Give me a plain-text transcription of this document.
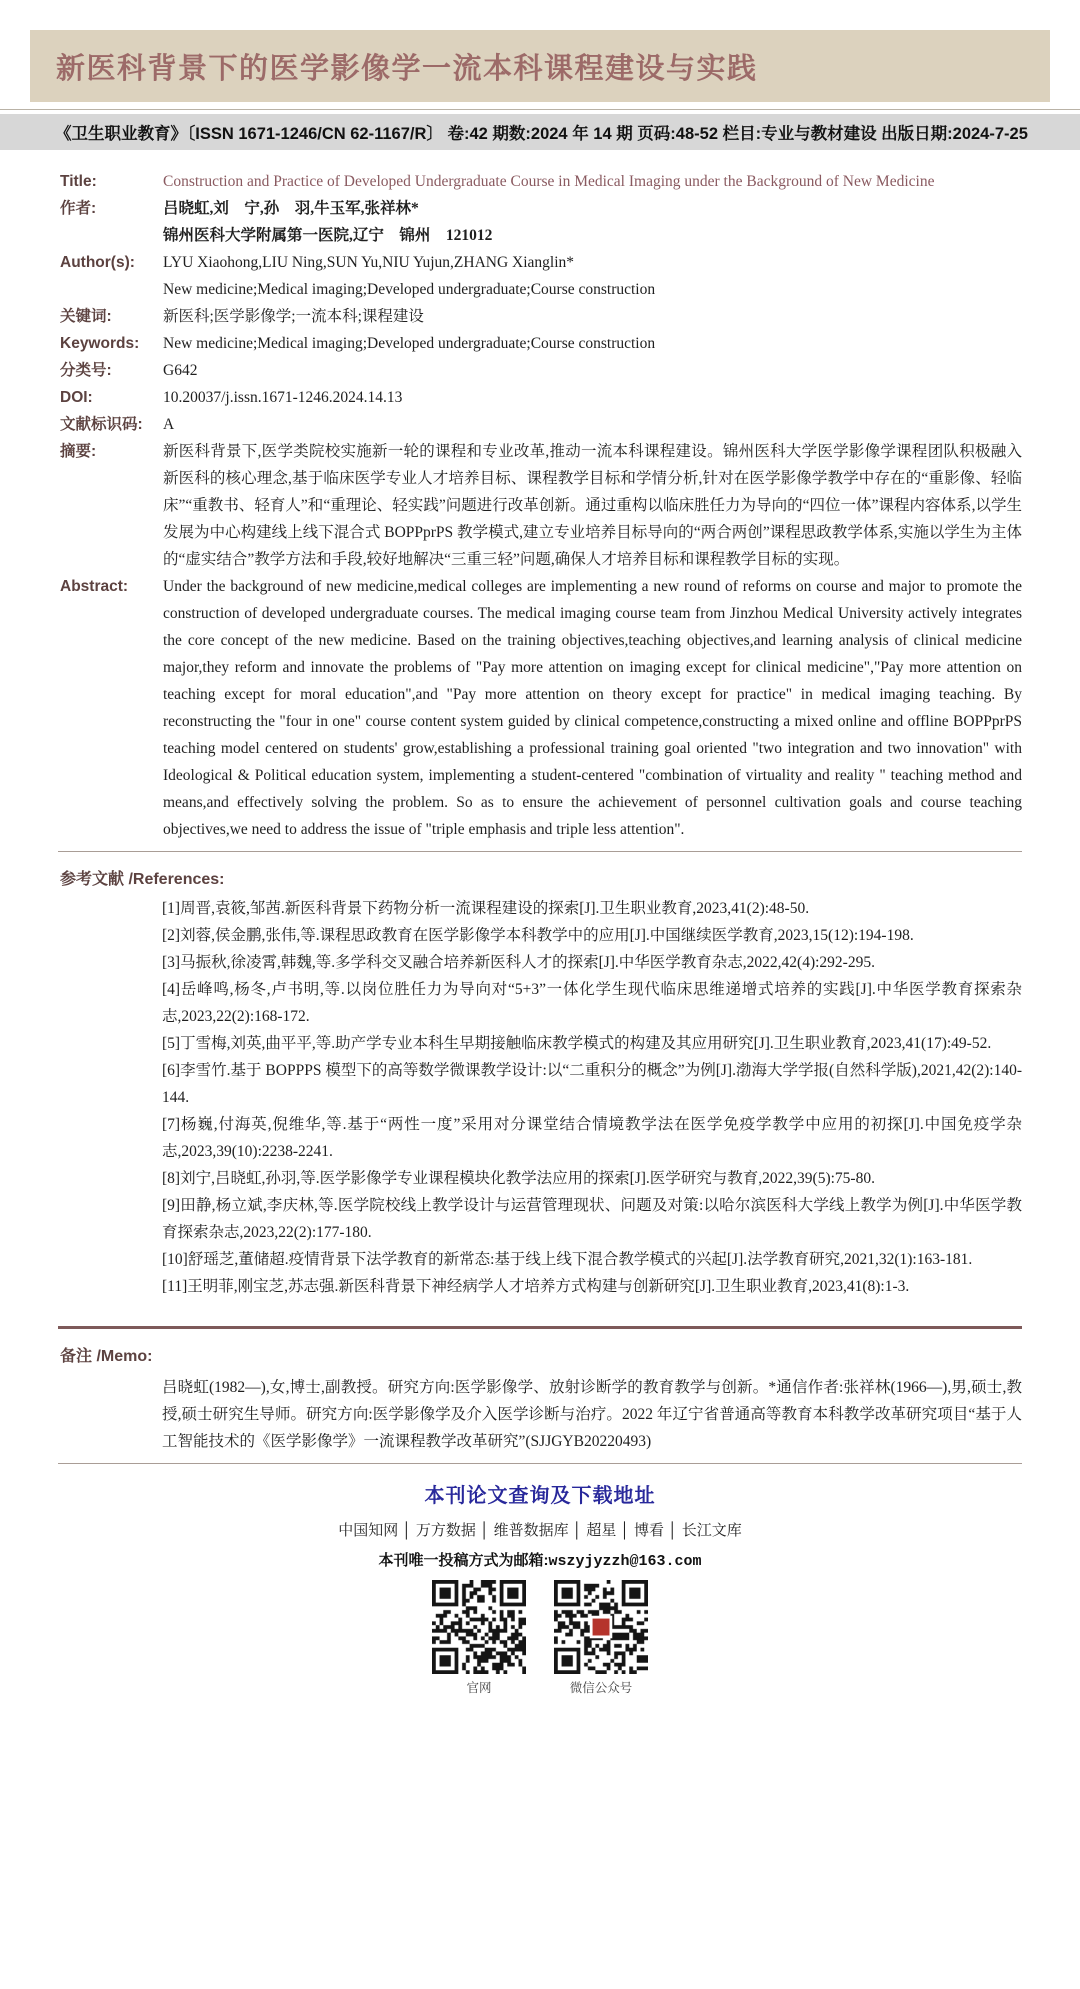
新医科背景下的医学影像学一流本科课程建设与实践
《卫生职业教育》〔ISSN 1671-1246/CN 62-1167/R〕 卷:42 期数:2024 年 14 期 页码:48-52 栏目:专业与教材建设 出版日期:2024-7-25
Title:	Construction and Practice of Developed Undergraduate Course in Medical Imaging under the Background of New Medicine
作者:	吕晓虹,刘　宁,孙　羽,牛玉军,张祥林*
锦州医科大学附属第一医院,辽宁　锦州　121012
Author(s):	LYU Xiaohong,LIU Ning,SUN Yu,NIU Yujun,ZHANG Xianglin*
New medicine;Medical imaging;Developed undergraduate;Course construction
关键词:	新医科;医学影像学;一流本科;课程建设
Keywords:	New medicine;Medical imaging;Developed undergraduate;Course construction
分类号:	G642
DOI:	10.20037/j.issn.1671-1246.2024.14.13
文献标识码:	A
摘要:	新医科背景下,医学类院校实施新一轮的课程和专业改革,推动一流本科课程建设。锦州医科大学医学影像学课程团队积极融入新医科的核心理念,基于临床医学专业人才培养目标、课程教学目标和学情分析,针对在医学影像学教学中存在的“重影像、轻临床”“重教书、轻育人”和“重理论、轻实践”问题进行改革创新。通过重构以临床胜任力为导向的“四位一体”课程内容体系,以学生发展为中心构建线上线下混合式 BOPPprPS 教学模式,建立专业培养目标导向的“两合两创”课程思政教学体系,实施以学生为主体的“虚实结合”教学方法和手段,较好地解决“三重三轻”问题,确保人才培养目标和课程教学目标的实现。
Abstract:	Under the background of new medicine,medical colleges are implementing a new round of reforms on course and major to promote the construction of developed undergraduate courses. The medical imaging course team from Jinzhou Medical University actively integrates the core concept of the new medicine. Based on the training objectives,teaching objectives,and learning analysis of clinical medicine major,they reform and innovate the problems of "Pay more attention on imaging except for clinical medicine","Pay more attention on teaching except for moral education",and "Pay more attention on theory except for practice" in medical imaging teaching. By reconstructing the "four in one" course content system guided by clinical competence,constructing a mixed online and offline BOPPprPS teaching model centered on students' grow,establishing a professional training goal oriented "two integration and two innovation" with Ideological & Political education system, implementing a student-centered "combination of virtuality and reality " teaching method and means,and effectively solving the problem. So as to ensure the achievement of personnel cultivation goals and course teaching objectives,we need to address the issue of "triple emphasis and triple less attention".
参考文献 /References:

[1]周晋,袁筱,邹茜.新医科背景下药物分析一流课程建设的探索[J].卫生职业教育,2023,41(2):48-50.

[2]刘蓉,侯金鹏,张伟,等.课程思政教育在医学影像学本科教学中的应用[J].中国继续医学教育,2023,15(12):194-198.

[3]马振秋,徐凌霄,韩魏,等.多学科交叉融合培养新医科人才的探索[J].中华医学教育杂志,2022,42(4):292-295.

[4]岳峰鸣,杨冬,卢书明,等.以岗位胜任力为导向对“5+3”一体化学生现代临床思维递增式培养的实践[J].中华医学教育探索杂志,2023,22(2):168-172.

[5]丁雪梅,刘英,曲平平,等.助产学专业本科生早期接触临床教学模式的构建及其应用研究[J].卫生职业教育,2023,41(17):49-52.

[6]李雪竹.基于 BOPPPS 模型下的高等数学微课教学设计:以“二重积分的概念”为例[J].渤海大学学报(自然科学版),2021,42(2):140-144.

[7]杨巍,付海英,倪维华,等.基于“两性一度”采用对分课堂结合情境教学法在医学免疫学教学中应用的初探[J].中国免疫学杂志,2023,39(10):2238-2241.

[8]刘宁,吕晓虹,孙羽,等.医学影像学专业课程模块化教学法应用的探索[J].医学研究与教育,2022,39(5):75-80.

[9]田静,杨立斌,李庆林,等.医学院校线上教学设计与运营管理现状、问题及对策:以哈尔滨医科大学线上教学为例[J].中华医学教育探索杂志,2023,22(2):177-180.

[10]舒瑶芝,董储超.疫情背景下法学教育的新常态:基于线上线下混合教学模式的兴起[J].法学教育研究,2021,32(1):163-181.

[11]王明菲,刚宝芝,苏志强.新医科背景下神经病学人才培养方式构建与创新研究[J].卫生职业教育,2023,41(8):1-3.

备注 /Memo:
吕晓虹(1982—),女,博士,副教授。研究方向:医学影像学、放射诊断学的教育教学与创新。*通信作者:张祥林(1966—),男,硕士,教授,硕士研究生导师。研究方向:医学影像学及介入医学诊断与治疗。2022 年辽宁省普通高等教育本科教学改革研究项目“基于人工智能技术的《医学影像学》一流课程教学改革研究”(SJJGYB20220493)
本刊论文查询及下载地址
中国知网 │ 万方数据 │ 维普数据库 │ 超星 │ 博看 │ 长江文库
本刊唯一投稿方式为邮箱:wszyjyzzh@163.com
官网	微信公众号
